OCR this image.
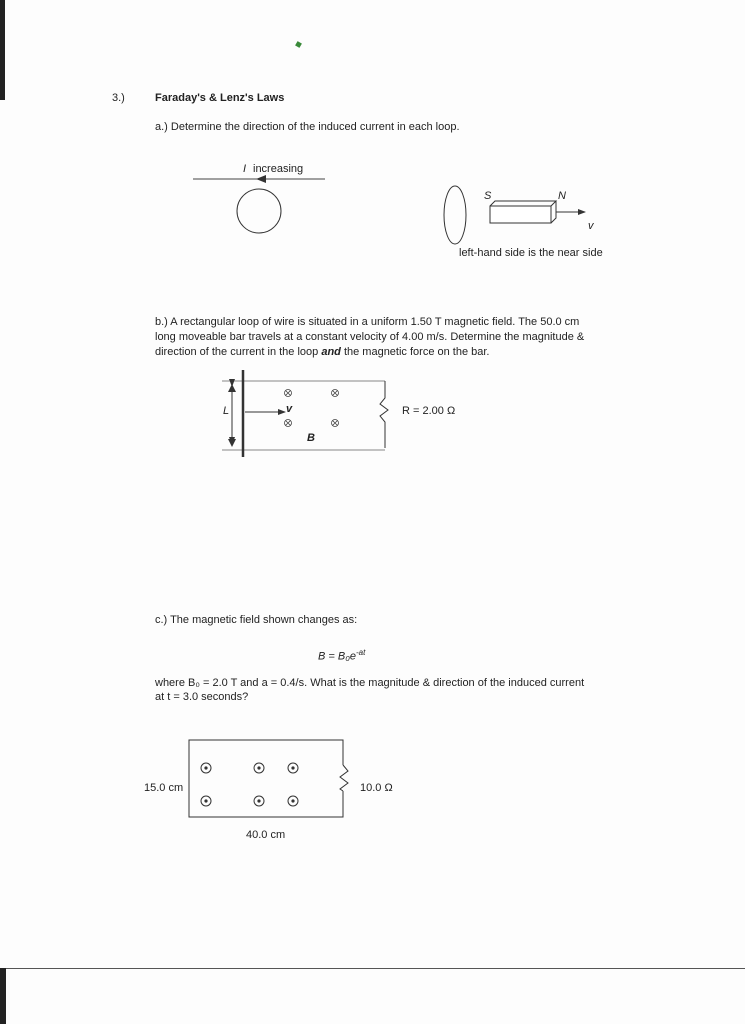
3.)	Faraday's & Lenz's Laws
a.) Determine the direction of the induced current in each loop.
left-hand side is the near side
b.) A rectangular loop of wire is situated in a uniform 1.50 T magnetic field. The 50.0 cm
long moveable bar travels at a constant velocity of 4.00 m/s. Determine the magnitude &
direction of the current in the loop and the magnetic force on the bar.
c.) The magnetic field shown changes as:
$B = B_0e^{-at}$
where B₀ = 2.0 T and a = 0.4/s. What is the magnitude & direction of the induced current
at t = 3.0 seconds?
I increasing
S	N
v
L	v
B
R = 2.00 Ω
15.0 cm	10.0 Ω
40.0 cm
